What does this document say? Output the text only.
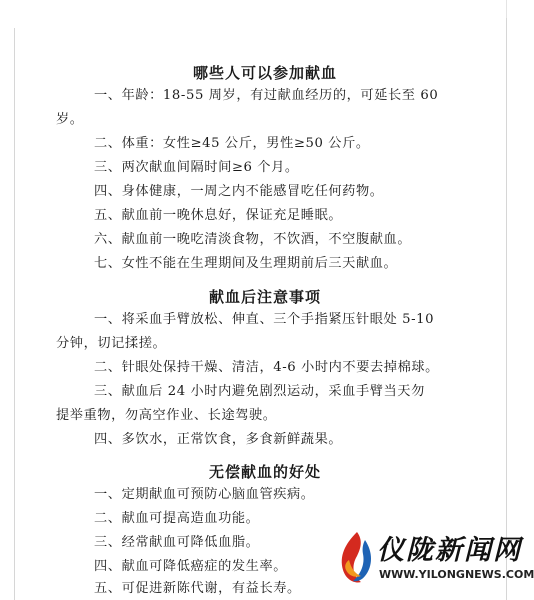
哪些人可以参加献血
一、年龄：18-55 周岁，有过献血经历的，可延长至 60
岁。
二、体重：女性≥45 公斤，男性≥50 公斤。
三、两次献血间隔时间≥6 个月。
四、身体健康，一周之内不能感冒吃任何药物。
五、献血前一晚休息好，保证充足睡眠。
六、献血前一晚吃清淡食物，不饮酒，不空腹献血。
七、女性不能在生理期间及生理期前后三天献血。
献血后注意事项
一、将采血手臂放松、伸直、三个手指紧压针眼处 5-10
分钟，切记揉搓。
二、针眼处保持干燥、清洁，4-6 小时内不要去掉棉球。
三、献血后 24 小时内避免剧烈运动，采血手臂当天勿
提举重物，勿高空作业、长途驾驶。
四、多饮水，正常饮食，多食新鲜蔬果。
无偿献血的好处
一、定期献血可预防心脑血管疾病。
二、献血可提高造血功能。
三、经常献血可降低血脂。
四、献血可降低癌症的发生率。
五、可促进新陈代谢，有益长寿。
仪陇新闻网
WWW.YILONGNEWS.COM
